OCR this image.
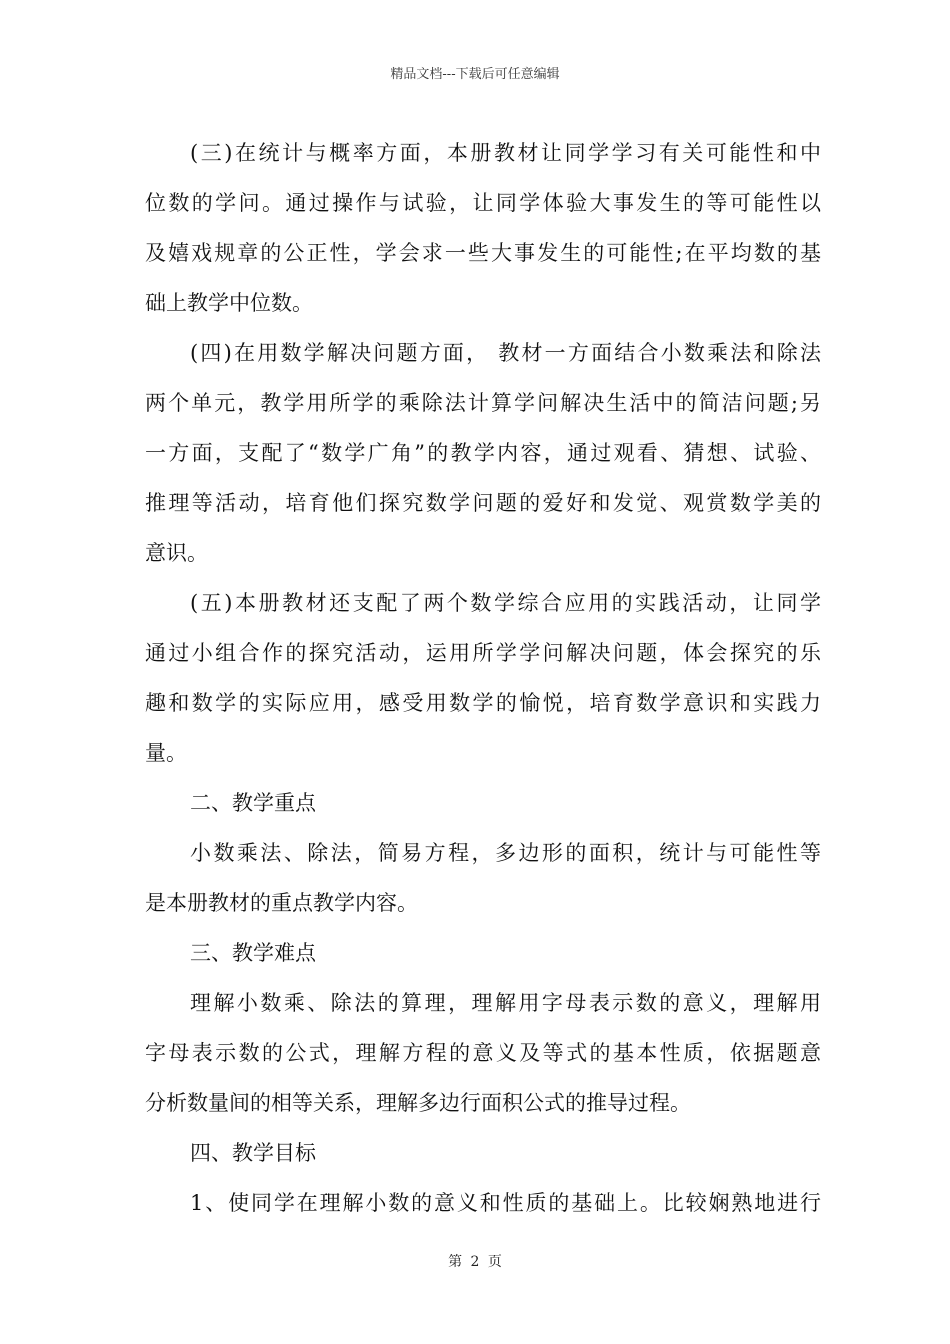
精品文档---下载后可任意编辑
(三)在统计与概率方面，本册教材让同学学习有关可能性和中
位数的学问。通过操作与试验，让同学体验大事发生的等可能性以
及嬉戏规章的公正性，学会求一些大事发生的可能性;在平均数的基
础上教学中位数。
(四)在用数学解决问题方面， 教材一方面结合小数乘法和除法
两个单元，教学用所学的乘除法计算学问解决生活中的简洁问题;另
一方面，支配了“数学广角”的教学内容，通过观看、猜想、试验、
推理等活动，培育他们探究数学问题的爱好和发觉、观赏数学美的
意识。
(五)本册教材还支配了两个数学综合应用的实践活动，让同学
通过小组合作的探究活动，运用所学学问解决问题，体会探究的乐
趣和数学的实际应用，感受用数学的愉悦，培育数学意识和实践力
量。
二、教学重点
小数乘法、除法，简易方程，多边形的面积，统计与可能性等
是本册教材的重点教学内容。
三、教学难点
理解小数乘、除法的算理，理解用字母表示数的意义，理解用
字母表示数的公式，理解方程的意义及等式的基本性质，依据题意
分析数量间的相等关系，理解多边行面积公式的推导过程。
四、教学目标
1、使同学在理解小数的意义和性质的基础上。比较娴熟地进行
第 2 页
